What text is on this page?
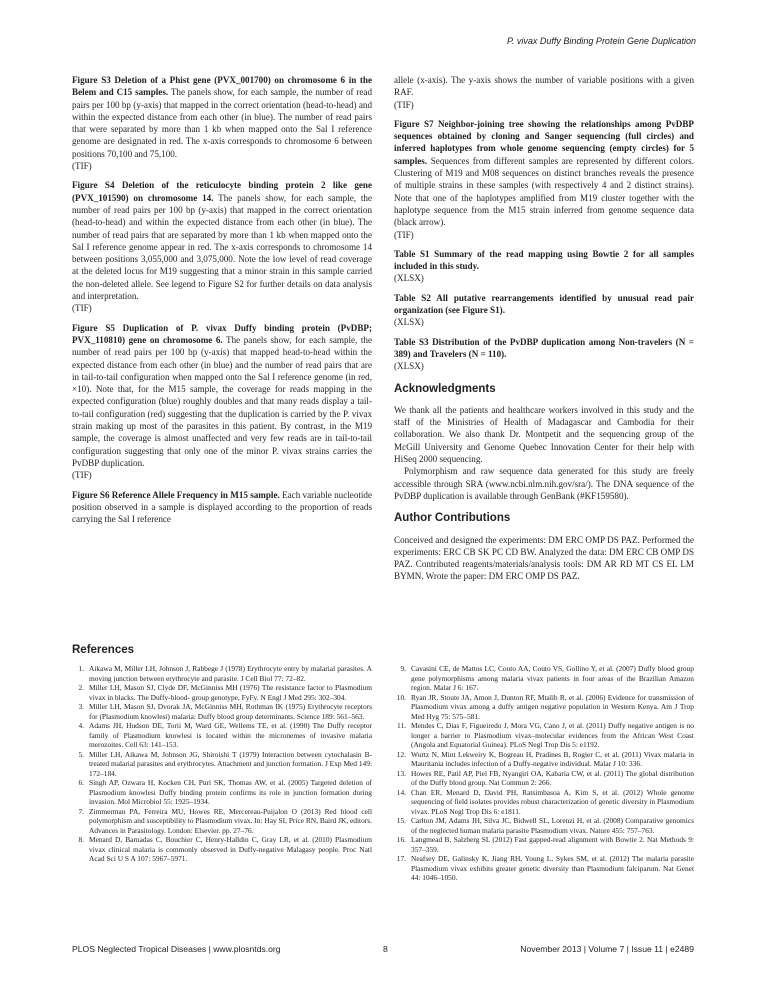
P. vivax Duffy Binding Protein Gene Duplication
Figure S3 Deletion of a Phist gene (PVX_001700) on chromosome 6 in the Belem and C15 samples. The panels show, for each sample, the number of read pairs per 100 bp (y-axis) that mapped in the correct orientation (head-to-head) and within the expected distance from each other (in blue). The number of read pairs that were separated by more than 1 kb when mapped onto the Sal I reference genome are designated in red. The x-axis corresponds to chromosome 6 between positions 70,100 and 75,100.
(TIF)
Figure S4 Deletion of the reticulocyte binding protein 2 like gene (PVX_101590) on chromosome 14. The panels show, for each sample, the number of read pairs per 100 bp (y-axis) that mapped in the correct orientation (head-to-head) and within the expected distance from each other (in blue). The number of read pairs that are separated by more than 1 kb when mapped onto the Sal I reference genome appear in red. The x-axis corresponds to chromosome 14 between positions 3,055,000 and 3,075,000. Note the low level of read coverage at the deleted locus for M19 suggesting that a minor strain in this sample carried the non-deleted allele. See legend to Figure S2 for further details on data analysis and interpretation.
(TIF)
Figure S5 Duplication of P. vivax Duffy binding protein (PvDBP; PVX_110810) gene on chromosome 6. The panels show, for each sample, the number of read pairs per 100 bp (y-axis) that mapped head-to-head within the expected distance from each other (in blue) and the number of read pairs that are in tail-to-tail configuration when mapped onto the Sal I reference genome (in red, ×10). Note that, for the M15 sample, the coverage for reads mapping in the expected configuration (blue) roughly doubles and that many reads display a tail-to-tail configuration (red) suggesting that the duplication is carried by the P. vivax strain making up most of the parasites in this patient. By contrast, in the M19 sample, the coverage is almost unaffected and very few reads are in tail-to-tail configuration suggesting that only one of the minor P. vivax strains carries the PvDBP duplication.
(TIF)
Figure S6 Reference Allele Frequency in M15 sample. Each variable nucleotide position observed in a sample is displayed according to the proportion of reads carrying the Sal I reference
allele (x-axis). The y-axis shows the number of variable positions with a given RAF.
(TIF)
Figure S7 Neighbor-joining tree showing the relationships among PvDBP sequences obtained by cloning and Sanger sequencing (full circles) and inferred haplotypes from whole genome sequencing (empty circles) for 5 samples. Sequences from different samples are represented by different colors. Clustering of M19 and M08 sequences on distinct branches reveals the presence of multiple strains in these samples (with respectively 4 and 2 distinct strains). Note that one of the haplotypes amplified from M19 cluster together with the haplotype sequence from the M15 strain inferred from genome sequence data (black arrow).
(TIF)
Table S1 Summary of the read mapping using Bowtie 2 for all samples included in this study.
(XLSX)
Table S2 All putative rearrangements identified by unusual read pair organization (see Figure S1).
(XLSX)
Table S3 Distribution of the PvDBP duplication among Non-travelers (N = 389) and Travelers (N = 110).
(XLSX)
Acknowledgments

We thank all the patients and healthcare workers involved in this study and the staff of the Ministries of Health of Madagascar and Cambodia for their collaboration. We also thank Dr. Montpetit and the sequencing group of the McGill University and Genome Quebec Innovation Center for their help with HiSeq 2000 sequencing.

Polymorphism and raw sequence data generated for this study are freely accessible through SRA (www.ncbi.nlm.nih.gov/sra/). The DNA sequence of the PvDBP duplication is available through GenBank (#KF159580).

Author Contributions

Conceived and designed the experiments: DM ERC OMP DS PAZ. Performed the experiments: ERC CB SK PC CD BW. Analyzed the data: DM ERC CB OMP DS PAZ. Contributed reagents/materials/analysis tools: DM AR RD MT CS EL LM BYMN. Wrote the paper: DM ERC OMP DS PAZ.

References
1. Aikawa M, Miller LH, Johnson J, Rabbege J (1978) Erythrocyte entry by malarial parasites. A moving junction between erythrocyte and parasite. J Cell Biol 77: 72–82.
2. Miller LH, Mason SJ, Clyde DF, McGinniss MH (1976) The resistance factor to Plasmodium vivax in blacks. The Duffy-blood- group genotype, FyFy. N Engl J Med 295: 302–304.
3. Miller LH, Mason SJ, Dvorak JA, McGinniss MH, Rothman IK (1975) Erythrocyte receptors for (Plasmodium knowlesi) malaria: Duffy blood group determinants. Science 189: 561–563.
4. Adams JH, Hudson DE, Torii M, Ward GE, Wellems TE, et al. (1990) The Duffy receptor family of Plasmodium knowlesi is located within the micronemes of invasive malaria merozoites. Cell 63: 141–153.
5. Miller LH, Aikawa M, Johnson JG, Shiroishi T (1979) Interaction between cytochalasin B-treated malarial parasites and erythrocytes. Attachment and junction formation. J Exp Med 149: 172–184.
6. Singh AP, Ozwara H, Kocken CH, Puri SK, Thomas AW, et al. (2005) Targeted deletion of Plasmodium knowlesi Duffy binding protein confirms its role in junction formation during invasion. Mol Microbiol 55: 1925–1934.
7. Zimmerman PA, Ferreira MU, Howes RE, Mercereau-Puijalon O (2013) Red blood cell polymorphism and susceptibility to Plasmodium vivax. In: Hay SI, Price RN, Baird JK, editors. Advances in Parasitology. London: Elsevier. pp. 27–76.
8. Menard D, Barnadas C, Bouchier C, Henry-Halldin C, Gray LR, et al. (2010) Plasmodium vivax clinical malaria is commonly observed in Duffy-negative Malagasy people. Proc Natl Acad Sci U S A 107: 5967–5971.
9. Cavasini CE, de Mattos LC, Couto AA, Couto VS, Gollino Y, et al. (2007) Duffy blood group gene polymorphisms among malaria vivax patients in four areas of the Brazilian Amazon region. Malar J 6: 167.
10. Ryan JR, Stoute JA, Amon J, Dunton RF, Mtalib R, et al. (2006) Evidence for transmission of Plasmodium vivax among a duffy antigen negative population in Western Kenya. Am J Trop Med Hyg 75: 575–581.
11. Mendes C, Dias F, Figueiredo J, Mora VG, Cano J, et al. (2011) Duffy negative antigen is no longer a barrier to Plasmodium vivax–molecular evidences from the African West Coast (Angola and Equatorial Guinea). PLoS Negl Trop Dis 5: e1192.
12. Wurtz N, Mint Lekweiry K, Bogreau H, Pradines B, Rogier C, et al. (2011) Vivax malaria in Mauritania includes infection of a Duffy-negative individual. Malar J 10: 336.
13. Howes RE, Patil AP, Piel FB, Nyangiri OA, Kabaria CW, et al. (2011) The global distribution of the Duffy blood group. Nat Commun 2: 266.
14. Chan ER, Menard D, David PH, Ratsimbasoa A, Kim S, et al. (2012) Whole genome sequencing of field isolates provides robust characterization of genetic diversity in Plasmodium vivax. PLoS Negl Trop Dis 6: e1811.
15. Carlton JM, Adams JH, Silva JC, Bidwell SL, Lorenzi H, et al. (2008) Comparative genomics of the neglected human malaria parasite Plasmodium vivax. Nature 455: 757–763.
16. Langmead B, Salzberg SL (2012) Fast gapped-read alignment with Bowtie 2. Nat Methods 9: 357–359.
17. Neafsey DE, Galinsky K, Jiang RH, Young L, Sykes SM, et al. (2012) The malaria parasite Plasmodium vivax exhibits greater genetic diversity than Plasmodium falciparum. Nat Genet 44: 1046–1050.
PLOS Neglected Tropical Diseases | www.plosntds.org	8	November 2013 | Volume 7 | Issue 11 | e2489
